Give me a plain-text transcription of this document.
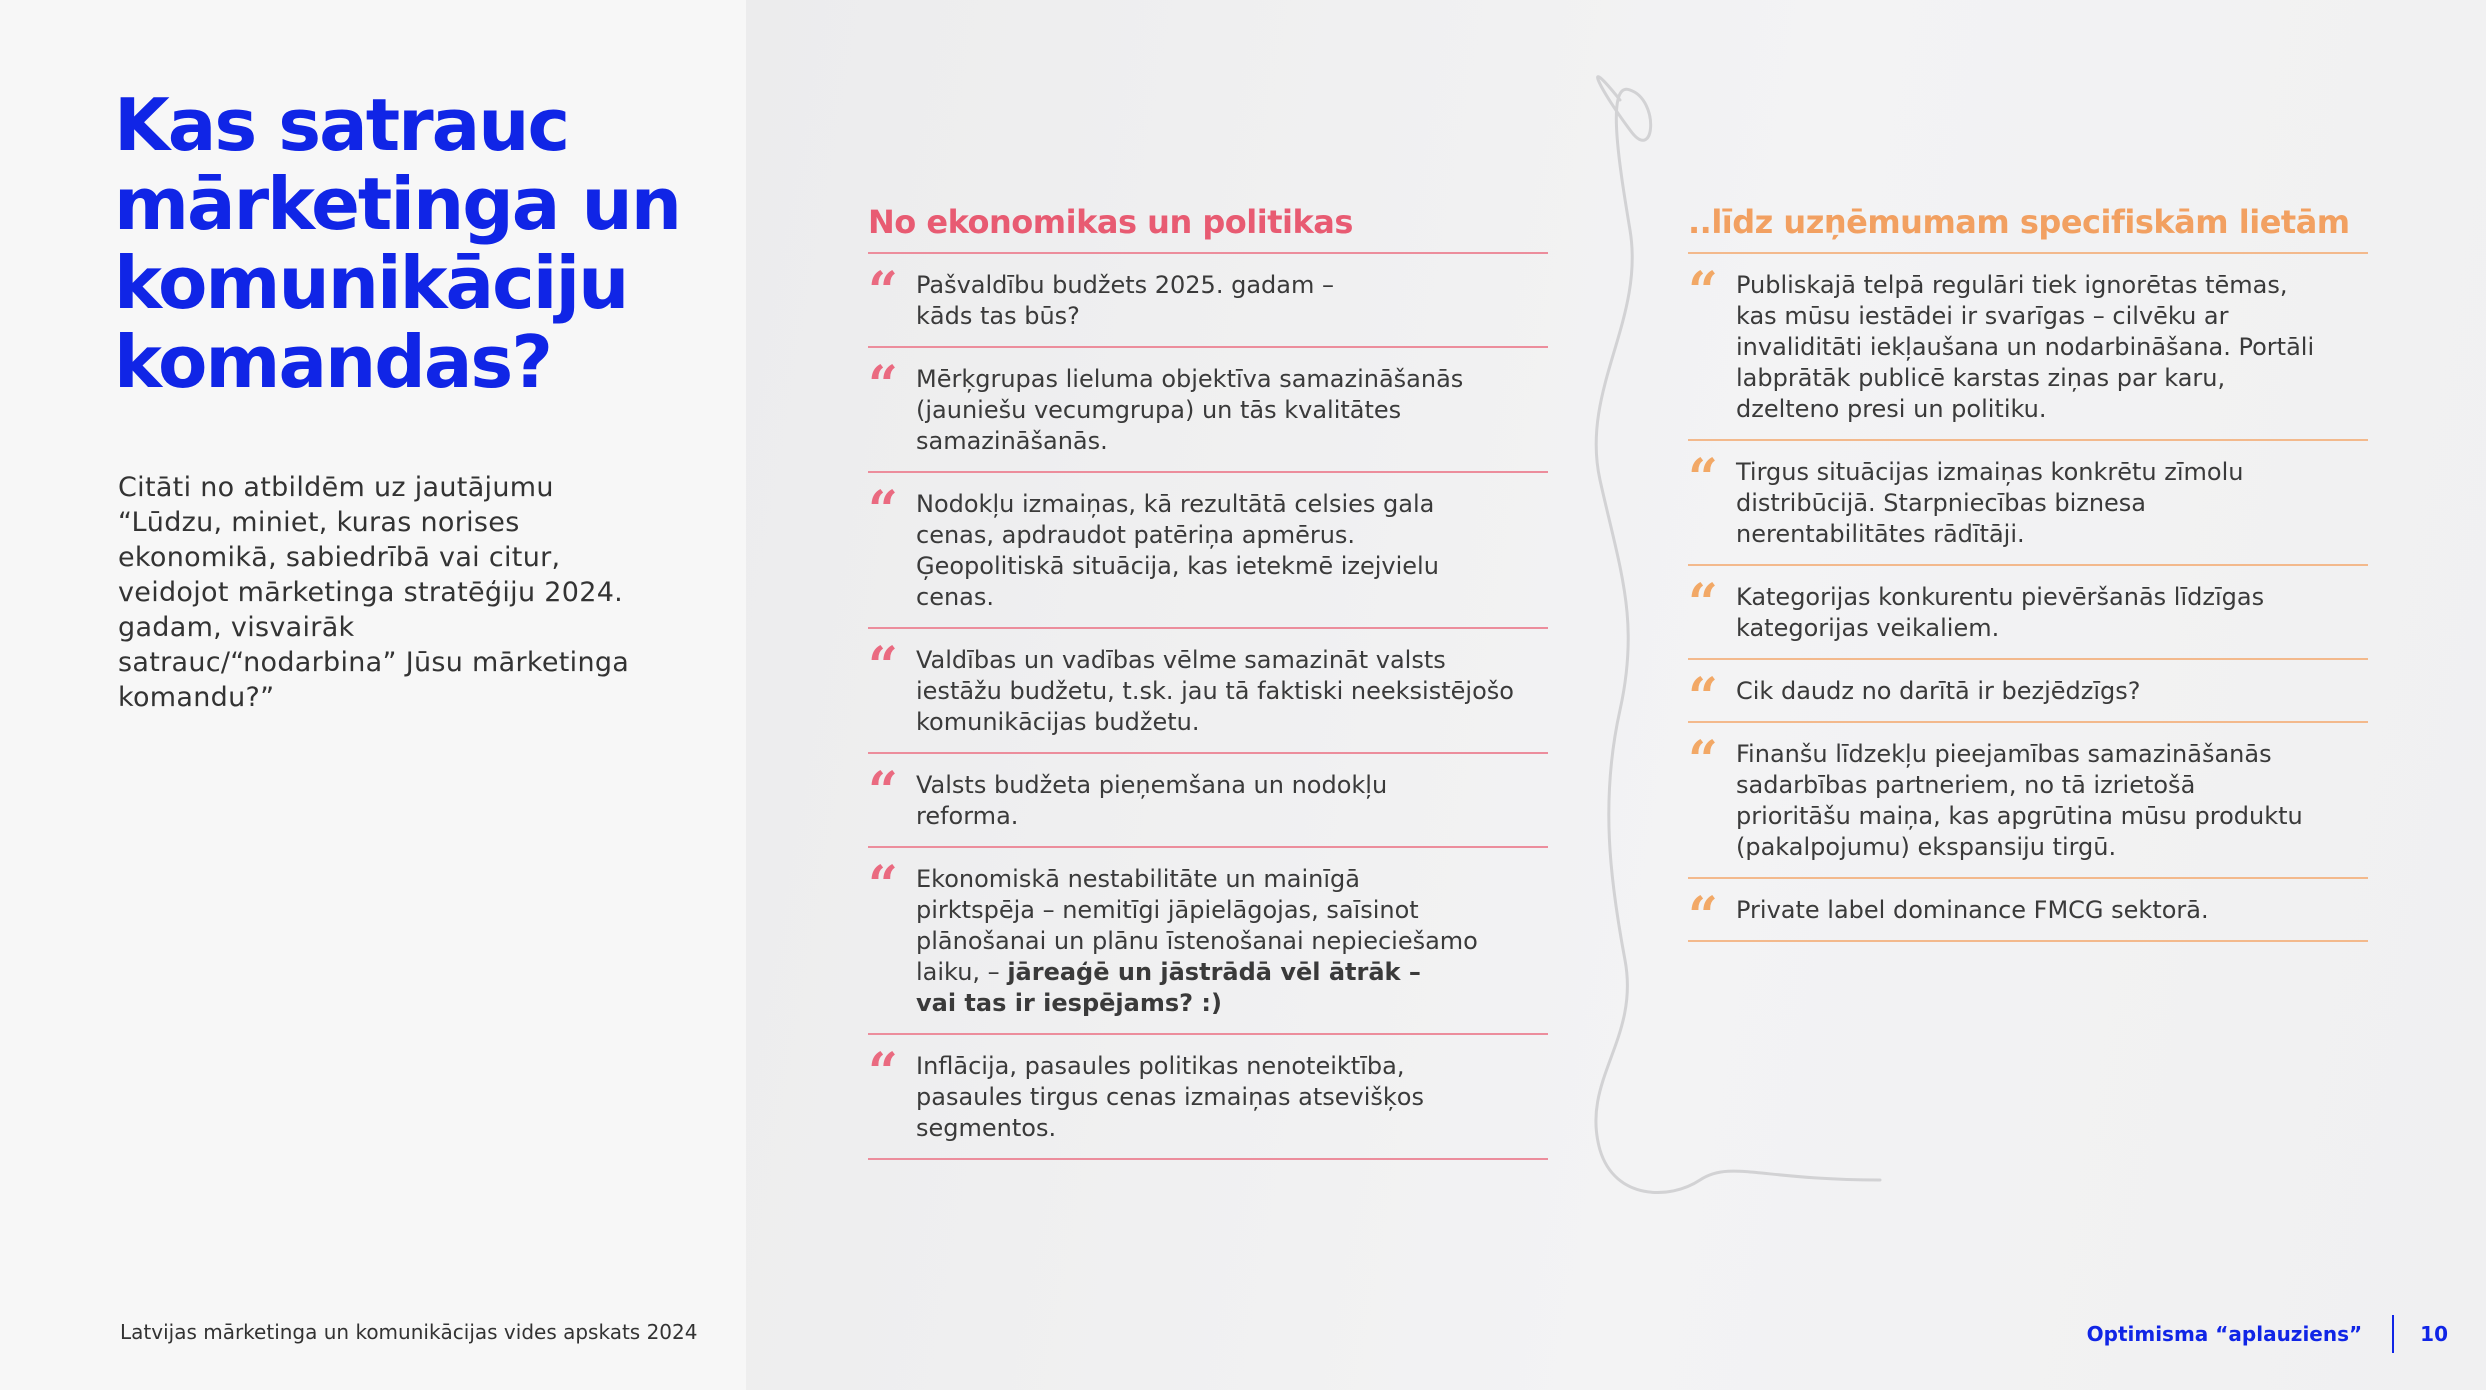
Kas satrauc
mārketinga un
komunikāciju
komandas?

Citāti no atbildēm uz jautājumu “Lūdzu, miniet, kuras norises ekonomikā, sabiedrībā vai citur, veidojot mārketinga stratēģiju 2024. gadam, visvairāk satrauc/“nodarbina” Jūsu mārketinga komandu?”

No ekonomikas un politikas
“ Pašvaldību budžets 2025. gadam –
kāds tas būs?
“ Mērķgrupas lieluma objektīva samazināšanās
(jauniešu vecumgrupa) un tās kvalitātes
samazināšanās.
“ Nodokļu izmaiņas, kā rezultātā celsies gala
cenas, apdraudot patēriņa apmērus.
Ģeopolitiskā situācija, kas ietekmē izejvielu
cenas.
“ Valdības un vadības vēlme samazināt valsts
iestāžu budžetu, t.sk. jau tā faktiski neeksistējošo
komunikācijas budžetu.
“ Valsts budžeta pieņemšana un nodokļu
reforma.
“ Ekonomiskā nestabilitāte un mainīgā
pirktspēja – nemitīgi jāpielāgojas, saīsinot
plānošanai un plānu īstenošanai nepieciešamo
laiku, – jāreaģē un jāstrādā vēl ātrāk –
vai tas ir iespējams? :)
“ Inflācija, pasaules politikas nenoteiktība,
pasaules tirgus cenas izmaiņas atsevišķos
segmentos.
..līdz uzņēmumam specifiskām lietām
“ Publiskajā telpā regulāri tiek ignorētas tēmas,
kas mūsu iestādei ir svarīgas – cilvēku ar
invaliditāti iekļaušana un nodarbināšana. Portāli
labprātāk publicē karstas ziņas par karu,
dzelteno presi un politiku.
“ Tirgus situācijas izmaiņas konkrētu zīmolu
distribūcijā. Starpniecības biznesa
nerentabilitātes rādītāji.
“ Kategorijas konkurentu pievēršanās līdzīgas
kategorijas veikaliem.
“ Cik daudz no darītā ir bezjēdzīgs?
“ Finanšu līdzekļu pieejamības samazināšanās
sadarbības partneriem, no tā izrietošā
prioritāšu maiņa, kas apgrūtina mūsu produktu
(pakalpojumu) ekspansiju tirgū.
“ Private label dominance FMCG sektorā.
Latvijas mārketinga un komunikācijas vides apskats 2024	Optimisma “aplauziens”	10
